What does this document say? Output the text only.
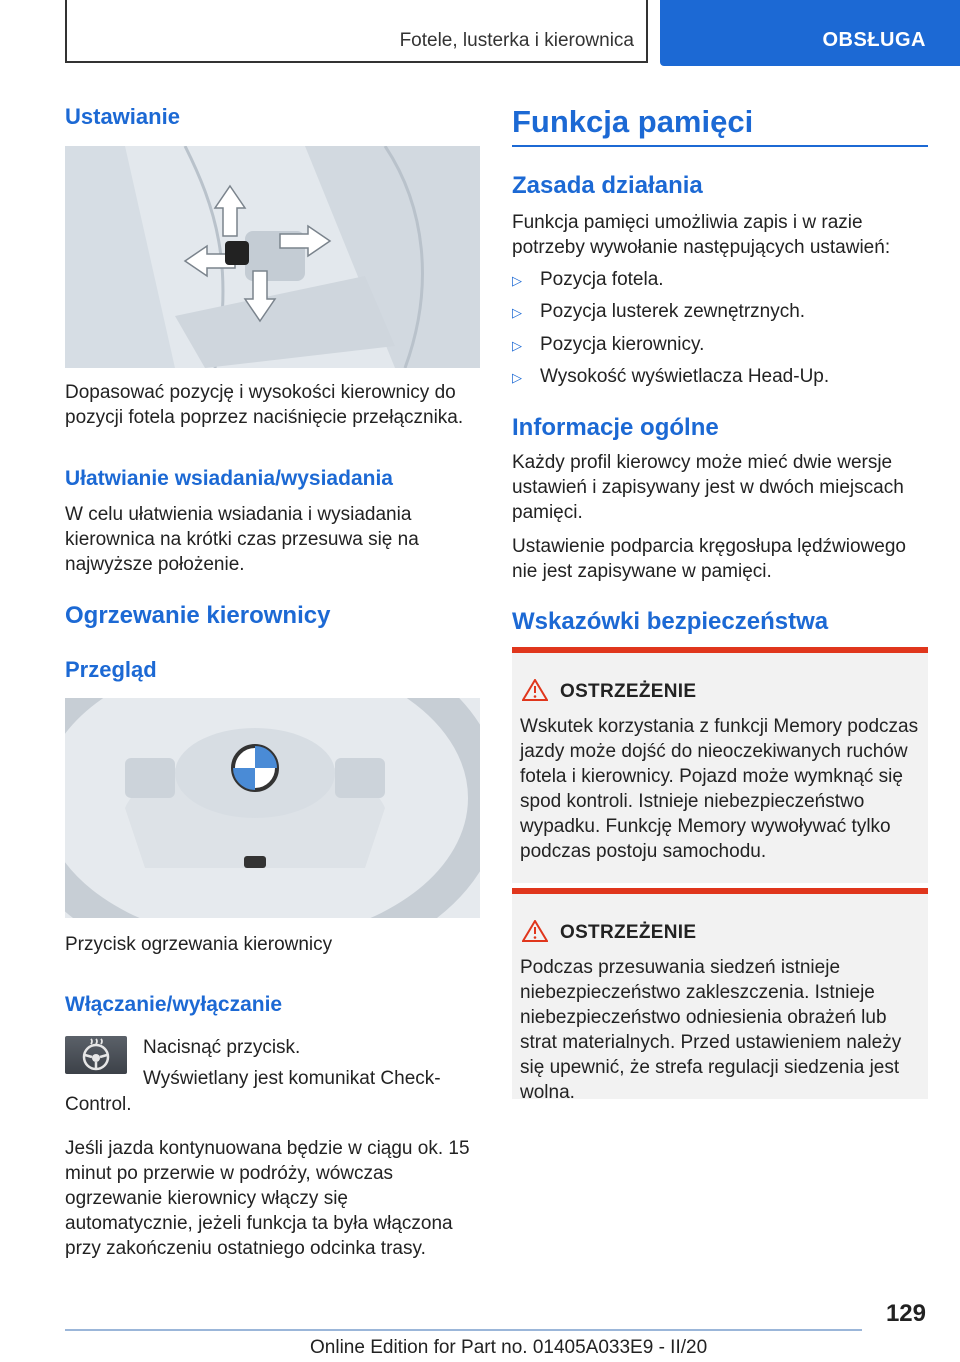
Fotele, lusterka i kierownica	OBSŁUGA
Ustawianie

Dopasować pozycję i wysokości kierownicy do pozycji fotela poprzez naciśnięcie przełącznika.

Ułatwianie wsiadania/wysiadania

W celu ułatwienia wsiadania i wysiadania kierownica na krótki czas przesuwa się na najwyższe położenie.

Ogrzewanie kierownicy
Przegląd

Przycisk ogrzewania kierownicy

Włączanie/wyłączanie

Nacisnąć przycisk.

Wyświetlany jest komunikat Check-

Control.

Jeśli jazda kontynuowana będzie w ciągu ok. 15 minut po przerwie w podróży, wówczas ogrzewanie kierownicy włączy się automatycznie, jeżeli funkcja ta była włączona przy zakończeniu ostatniego odcinka trasy.

Funkcja pamięci
Zasada działania

Funkcja pamięci umożliwia zapis i w razie potrzeby wywołanie następujących ustawień:

▷ Pozycja fotela.
▷ Pozycja lusterek zewnętrznych.
▷ Pozycja kierownicy.
▷ Wysokość wyświetlacza Head-Up.
Informacje ogólne

Każdy profil kierowcy może mieć dwie wersje ustawień i zapisywany jest w dwóch miejscach pamięci.

Ustawienie podparcia kręgosłupa lędźwiowego nie jest zapisywane w pamięci.

Wskazówki bezpieczeństwa
OSTRZEŻENIE

Wskutek korzystania z funkcji Memory podczas jazdy może dojść do nieoczekiwanych ruchów fotela i kierownicy. Pojazd może wymknąć się spod kontroli. Istnieje niebezpieczeństwo wypadku. Funkcję Memory wywoływać tylko podczas postoju samochodu.

OSTRZEŻENIE

Podczas przesuwania siedzeń istnieje niebezpieczeństwo zakleszczenia. Istnieje niebezpieczeństwo odniesienia obrażeń lub strat materialnych. Przed ustawieniem należy się upewnić, że strefa regulacji siedzenia jest wolna.

129
Online Edition for Part no. 01405A033E9 - II/20
